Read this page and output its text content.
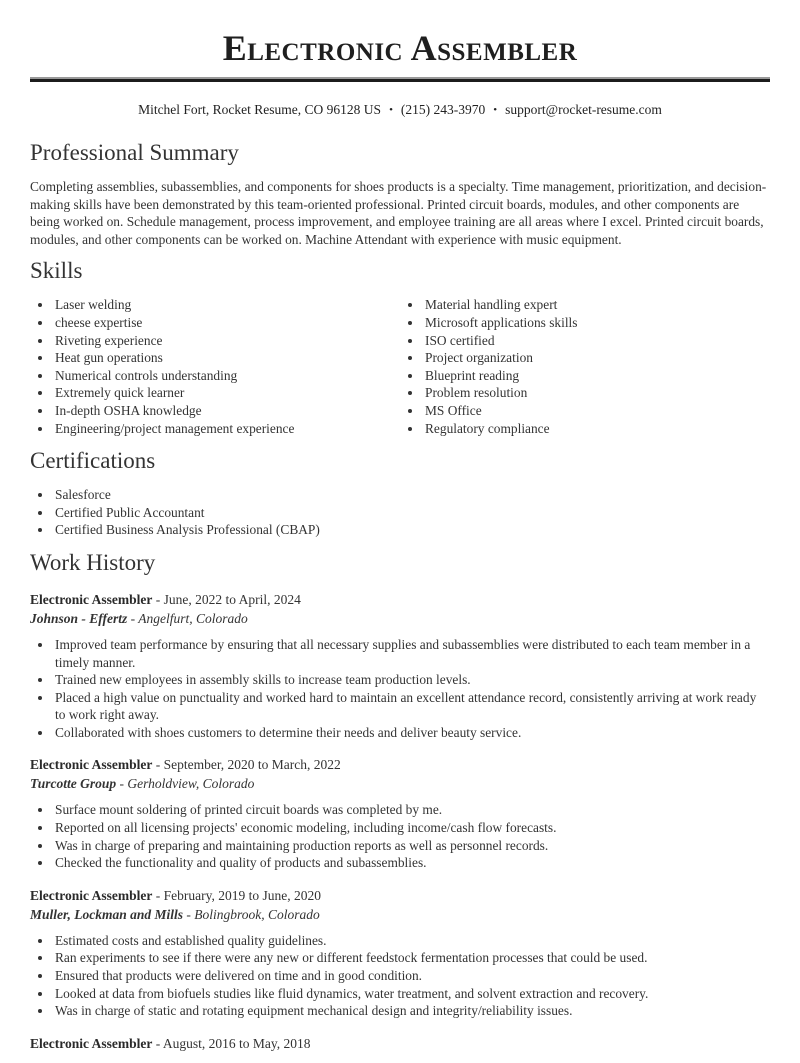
Electronic Assembler
Mitchel Fort, Rocket Resume, CO 96128 US • (215) 243-3970 • support@rocket-resume.com
Professional Summary

Completing assemblies, subassemblies, and components for shoes products is a specialty. Time management, prioritization, and decision-making skills have been demonstrated by this team-oriented professional. Printed circuit boards, modules, and other components are being worked on. Schedule management, process improvement, and employee training are all areas where I excel. Printed circuit boards, modules, and other components can be worked on. Machine Attendant with experience with music equipment.

Skills
• Laser welding
• cheese expertise
• Riveting experience
• Heat gun operations
• Numerical controls understanding
• Extremely quick learner
• In-depth OSHA knowledge
• Engineering/project management experience
• Material handling expert
• Microsoft applications skills
• ISO certified
• Project organization
• Blueprint reading
• Problem resolution
• MS Office
• Regulatory compliance
Certifications
• Salesforce
• Certified Public Accountant
• Certified Business Analysis Professional (CBAP)
Work History
Electronic Assembler - June, 2022 to April, 2024
Johnson - Effertz - Angelfurt, Colorado
• Improved team performance by ensuring that all necessary supplies and subassemblies were distributed to each team member in a timely manner.
• Trained new employees in assembly skills to increase team production levels.
• Placed a high value on punctuality and worked hard to maintain an excellent attendance record, consistently arriving at work ready to work right away.
• Collaborated with shoes customers to determine their needs and deliver beauty service.
Electronic Assembler - September, 2020 to March, 2022
Turcotte Group - Gerholdview, Colorado
• Surface mount soldering of printed circuit boards was completed by me.
• Reported on all licensing projects' economic modeling, including income/cash flow forecasts.
• Was in charge of preparing and maintaining production reports as well as personnel records.
• Checked the functionality and quality of products and subassemblies.
Electronic Assembler - February, 2019 to June, 2020
Muller, Lockman and Mills - Bolingbrook, Colorado
• Estimated costs and established quality guidelines.
• Ran experiments to see if there were any new or different feedstock fermentation processes that could be used.
• Ensured that products were delivered on time and in good condition.
• Looked at data from biofuels studies like fluid dynamics, water treatment, and solvent extraction and recovery.
• Was in charge of static and rotating equipment mechanical design and integrity/reliability issues.
Electronic Assembler - August, 2016 to May, 2018
